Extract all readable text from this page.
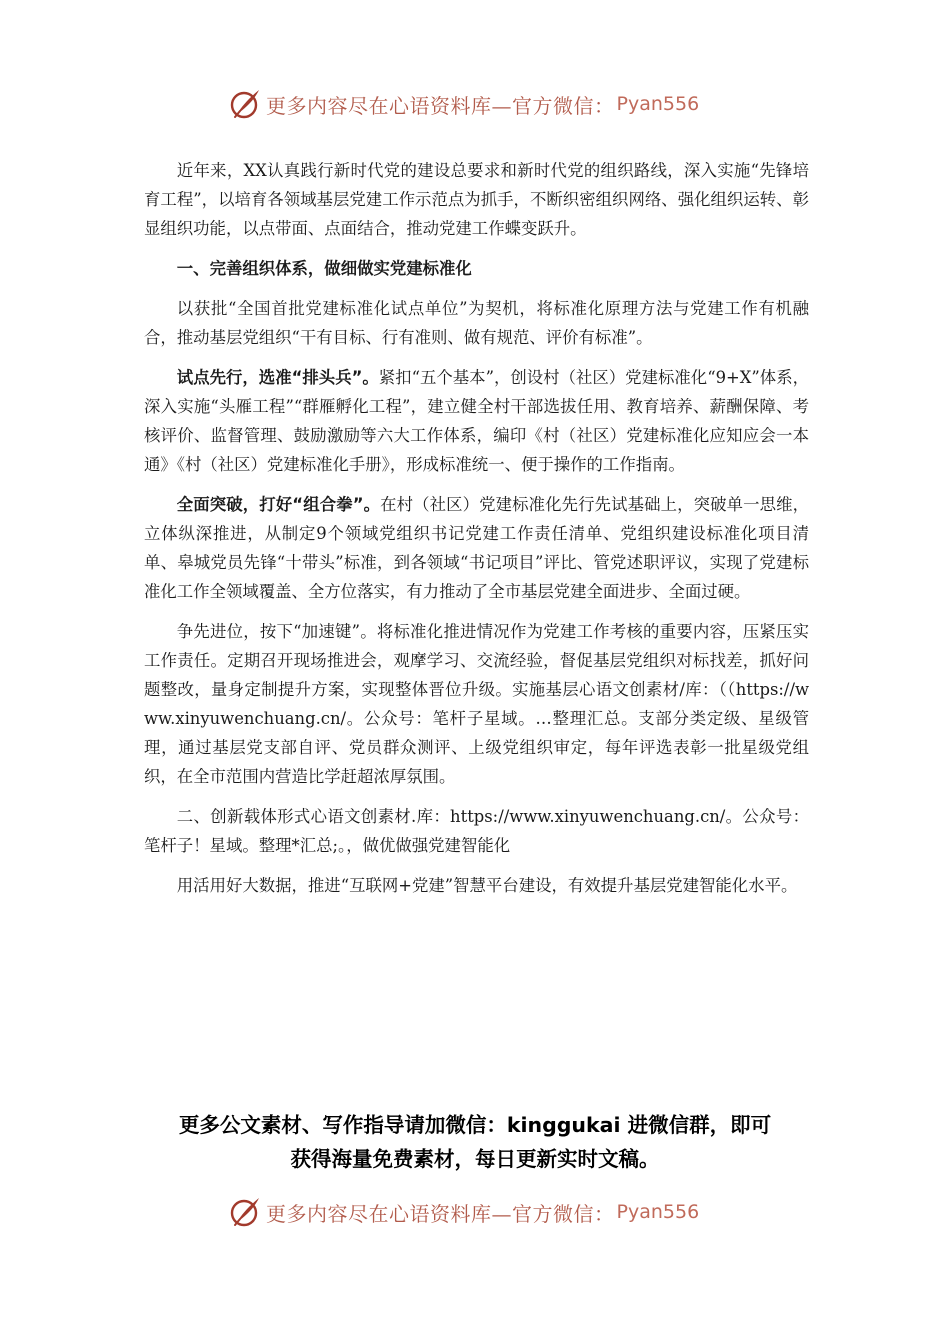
更多内容尽在心语资料库—官方微信： Pyan556

近年来，XX认真践行新时代党的建设总要求和新时代党的组织路线，深入实施“先锋培育工程”，以培育各领域基层党建工作示范点为抓手，不断织密组织网络、强化组织运转、彰显组织功能，以点带面、点面结合，推动党建工作蝶变跃升。

一、完善组织体系，做细做实党建标准化

以获批“全国首批党建标准化试点单位”为契机，将标准化原理方法与党建工作有机融合，推动基层党组织“干有目标、行有准则、做有规范、评价有标准”。

试点先行，选准“排头兵”。紧扣“五个基本”，创设村（社区）党建标准化“9+X”体系，深入实施“头雁工程”“群雁孵化工程”，建立健全村干部选拔任用、教育培养、薪酬保障、考核评价、监督管理、鼓励激励等六大工作体系，编印《村（社区）党建标准化应知应会一本通》《村（社区）党建标准化手册》，形成标准统一、便于操作的工作指南。

全面突破，打好“组合拳”。在村（社区）党建标准化先行先试基础上，突破单一思维，立体纵深推进，从制定9个领域党组织书记党建工作责任清单、党组织建设标准化项目清单、皋城党员先锋“十带头”标准，到各领域“书记项目”评比、管党述职评议，实现了党建标准化工作全领域覆盖、全方位落实，有力推动了全市基层党建全面进步、全面过硬。

争先进位，按下“加速键”。将标准化推进情况作为党建工作考核的重要内容，压紧压实工作责任。定期召开现场推进会，观摩学习、交流经验，督促基层党组织对标找差，抓好问题整改，量身定制提升方案，实现整体晋位升级。实施基层心语文创素材/库：（（https://www.xinyuwenchuang.cn/。公众号：笔杆子星域。…整理汇总。支部分类定级、星级管理，通过基层党支部自评、党员群众测评、上级党组织审定，每年评选表彰一批星级党组织，在全市范围内营造比学赶超浓厚氛围。

二、创新载体形式心语文创素材.库：https://www.xinyuwenchuang.cn/。公众号：笔杆子！星域。整理*汇总;。，做优做强党建智能化

用活用好大数据，推进“互联网+党建”智慧平台建设，有效提升基层党建智能化水平。

更多公文素材、写作指导请加微信：kinggukai 进微信群，即可
获得海量免费素材，每日更新实时文稿。
更多内容尽在心语资料库—官方微信： Pyan556
